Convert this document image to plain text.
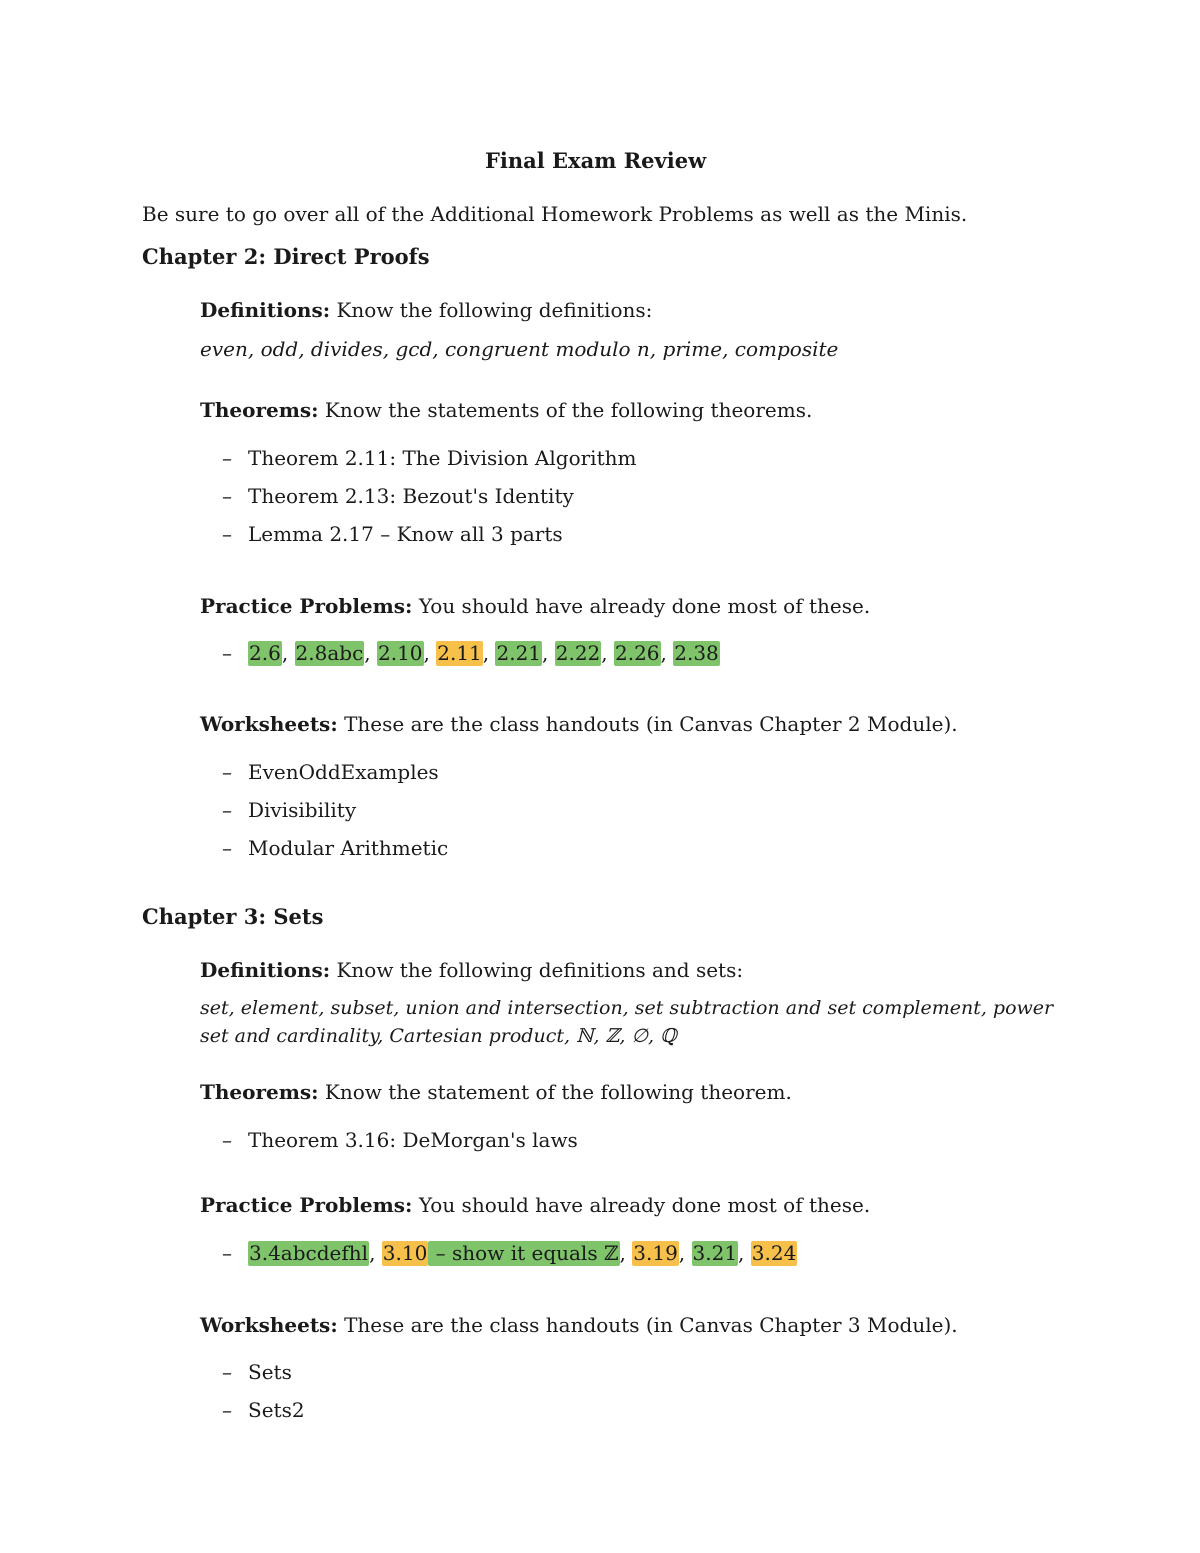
Final Exam Review
Be sure to go over all of the Additional Homework Problems as well as the Minis.
Chapter 2: Direct Proofs
Definitions: Know the following definitions:
even, odd, divides, gcd, congruent modulo n, prime, composite
Theorems: Know the statements of the following theorems.
– Theorem 2.11: The Division Algorithm
– Theorem 2.13: Bezout's Identity
– Lemma 2.17 – Know all 3 parts
Practice Problems: You should have already done most of these.
– 2.6, 2.8abc, 2.10, 2.11, 2.21, 2.22, 2.26, 2.38
Worksheets: These are the class handouts (in Canvas Chapter 2 Module).
– EvenOddExamples
– Divisibility
– Modular Arithmetic
Chapter 3: Sets
Definitions: Know the following definitions and sets:
set, element, subset, union and intersection, set subtraction and set complement, power
set and cardinality, Cartesian product, ℕ, ℤ, ∅, ℚ
Theorems: Know the statement of the following theorem.
– Theorem 3.16: DeMorgan's laws
Practice Problems: You should have already done most of these.
– 3.4abcdefhl, 3.10 – show it equals ℤ, 3.19, 3.21, 3.24
Worksheets: These are the class handouts (in Canvas Chapter 3 Module).
– Sets
– Sets2
